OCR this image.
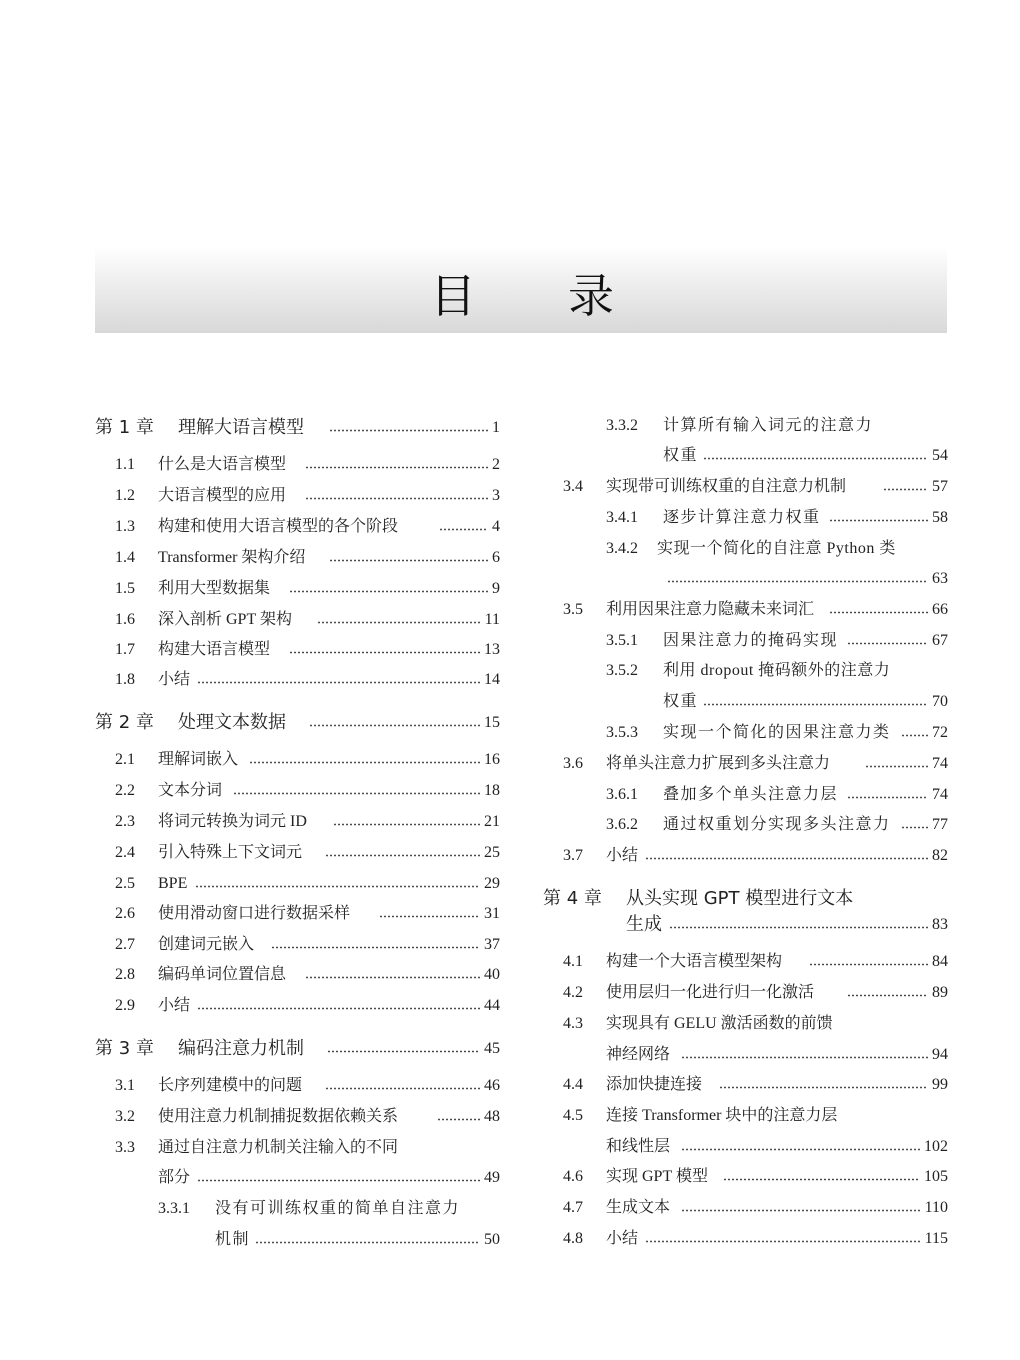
目 录
第 1 章 理解大语言模型	1
1.1 什么是大语言模型	2
1.2 大语言模型的应用	3
1.3 构建和使用大语言模型的各个阶段	4
1.4 Transformer 架构介绍	6
1.5 利用大型数据集	9
1.6 深入剖析 GPT 架构	11
1.7 构建大语言模型	13
1.8 小结	14
第 2 章 处理文本数据	15
2.1 理解词嵌入	16
2.2 文本分词	18
2.3 将词元转换为词元 ID	21
2.4 引入特殊上下文词元	25
2.5 BPE	29
2.6 使用滑动窗口进行数据采样	31
2.7 创建词元嵌入	37
2.8 编码单词位置信息	40
2.9 小结	44
第 3 章 编码注意力机制	45
3.1 长序列建模中的问题	46
3.2 使用注意力机制捕捉数据依赖关系	48
3.3 通过自注意力机制关注输入的不同
部分	49
3.3.1 没有可训练权重的简单自注意力
机制	50
3.3.2 计算所有输入词元的注意力
权重	54
3.4 实现带可训练权重的自注意力机制	57
3.4.1 逐步计算注意力权重	58
3.4.2 实现一个简化的自注意 Python 类
63
3.5 利用因果注意力隐藏未来词汇	66
3.5.1 因果注意力的掩码实现	67
3.5.2 利用 dropout 掩码额外的注意力
权重	70
3.5.3 实现一个简化的因果注意力类	72
3.6 将单头注意力扩展到多头注意力	74
3.6.1 叠加多个单头注意力层	74
3.6.2 通过权重划分实现多头注意力	77
3.7 小结	82
第 4 章 从头实现 GPT 模型进行文本
生成	83
4.1 构建一个大语言模型架构	84
4.2 使用层归一化进行归一化激活	89
4.3 实现具有 GELU 激活函数的前馈
神经网络	94
4.4 添加快捷连接	99
4.5 连接 Transformer 块中的注意力层
和线性层	102
4.6 实现 GPT 模型	105
4.7 生成文本	110
4.8 小结	115
